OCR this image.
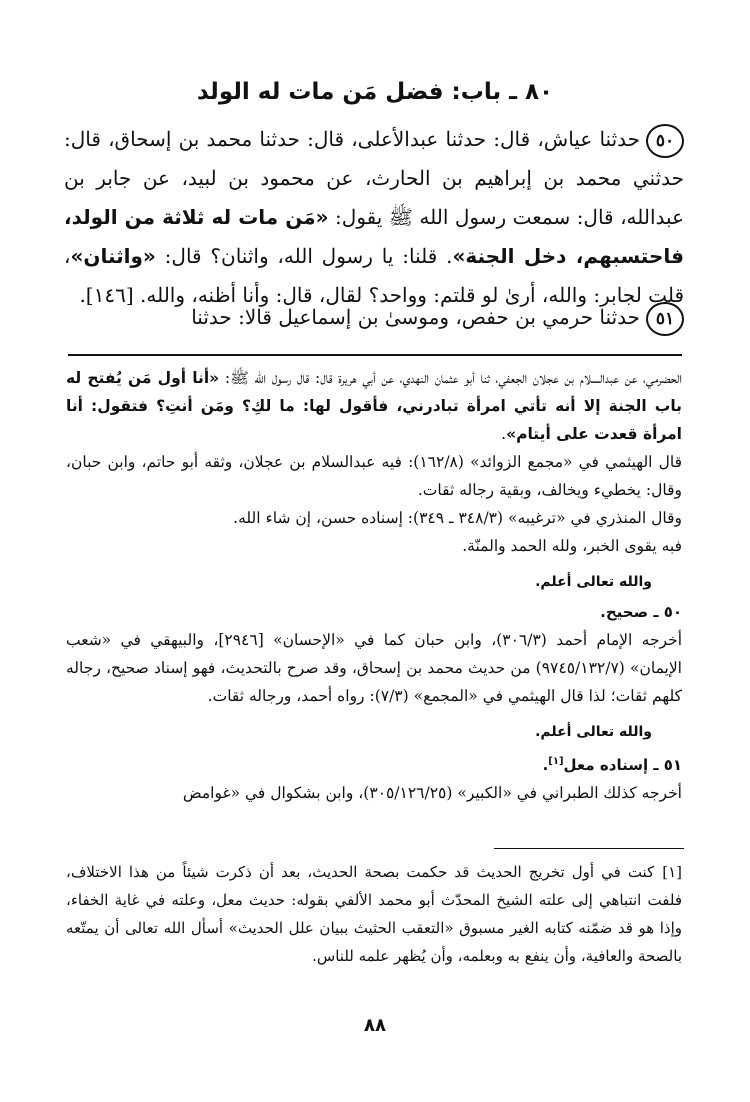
٨٠ ـ باب: فضل مَن مات له الولد
٥٠حدثنا عياش، قال: حدثنا عبدالأعلى، قال: حدثنا محمد بن إسحاق، قال: حدثني محمد بن إبراهيم بن الحارث، عن محمود بن لبيد، عن جابر بن عبدالله، قال: سمعت رسول الله ﷺ يقول: «مَن مات له ثلاثة من الولد، فاحتسبهم، دخل الجنة». قلنا: يا رسول الله، واثنان؟ قال: «واثنان»، قلت لجابر: والله، أرىٰ لو قلتم: وواحد؟ لقال، قال: وأنا أظنه، والله. [١٤٦].
٥١حدثنا حرمي بن حفص، وموسىٰ بن إسماعيل قالا: حدثنا

الحضرمي، عن عبدالسلام بن عجلان الجعفي، ثنا أبو عثمان النهدي، عن أبي هريرة قال: قال رسول الله ﷺ: «أنا أول مَن يُفتح له باب الجنة إلا أنه تأتي امرأة تبادرني، فأقول لها: ما لكِ؟ ومَن أنتِ؟ فتقول: أنا امرأة قعدت على أيتام».

قال الهيثمي في «مجمع الزوائد» (١٦٢/٨): فيه عبدالسلام بن عجلان، وثقه أبو حاتم، وابن حبان، وقال: يخطيء ويخالف، وبقية رجاله ثقات.

وقال المنذري في «ترغيبه» (٣٤٨/٣ ـ ٣٤٩): إسناده حسن، إن شاء الله.

فبه يقوى الخبر، ولله الحمد والمنّة.

والله تعالى أعلم.

٥٠ ـ صحيح.

أخرجه الإمام أحمد (٣٠٦/٣)، وابن حبان كما في «الإحسان» [٢٩٤٦]، والبيهقي في «شعب الإيمان» (٩٧٤٥/١٣٢/٧) من حديث محمد بن إسحاق، وقد صرح بالتحديث، فهو إسناد صحيح، رجاله كلهم ثقات؛ لذا قال الهيثمي في «المجمع» (٧/٣): رواه أحمد، ورجاله ثقات.

والله تعالى أعلم.

٥١ ـ إسناده معل[١].

أخرجه كذلك الطبراني في «الكبير» (٣٠٥/١٢٦/٢٥)، وابن بشكوال في «غوامض

[١]كنت في أول تخريج الحديث قد حكمت بصحة الحديث، بعد أن ذكرت شيئاً من هذا الاختلاف، فلفت انتباهي إلى علته الشيخ المحدّث أبو محمد الألفي بقوله: حديث معل، وعلته في غاية الخفاء، وإذا هو قد ضمّنه كتابه الغير مسبوق «التعقب الحثيث ببيان علل الحديث» أسأل الله تعالى أن يمتّعه بالصحة والعافية، وأن ينفع به وبعلمه، وأن يُظهر علمه للناس.
٨٨
